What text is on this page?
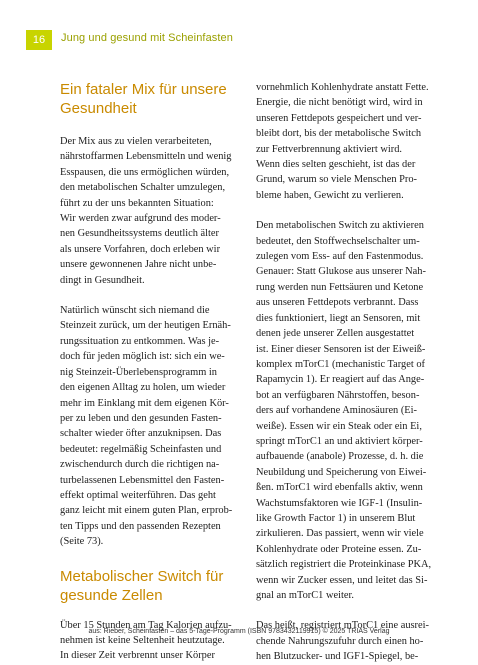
16	Jung und gesund mit Scheinfasten
Ein fataler Mix für unsere
Gesundheit

Der Mix aus zu vielen verarbeiteten,
nährstoffarmen Lebensmitteln und wenig
Esspausen, die uns ermöglichen würden,
den metabolischen Schalter umzulegen,
führt zu der uns bekannten Situation:
Wir werden zwar aufgrund des moder-
nen Gesundheitssystems deutlich älter
als unsere Vorfahren, doch erleben wir
unsere gewonnenen Jahre nicht unbe-
dingt in Gesundheit.

Natürlich wünscht sich niemand die
Steinzeit zurück, um der heutigen Ernäh-
rungssituation zu entkommen. Was je-
doch für jeden möglich ist: sich ein we-
nig Steinzeit-Überlebensprogramm in
den eigenen Alltag zu holen, um wieder
mehr im Einklang mit dem eigenen Kör-
per zu leben und den gesunden Fasten-
schalter wieder öfter anzuknipsen. Das
bedeutet: regelmäßig Scheinfasten und
zwischendurch durch die richtigen na-
turbelassenen Lebensmittel den Fasten-
effekt optimal weiterführen. Das geht
ganz leicht mit einem guten Plan, erprob-
ten Tipps und den passenden Rezepten
(Seite 73).

Metabolischer Switch für
gesunde Zellen

Über 15 Stunden am Tag Kalorien aufzu-
nehmen ist keine Seltenheit heutzutage.
In dieser Zeit verbrennt unser Körper

vornehmlich Kohlenhydrate anstatt Fette.
Energie, die nicht benötigt wird, wird in
unseren Fettdepots gespeichert und ver-
bleibt dort, bis der metabolische Switch
zur Fettverbrennung aktiviert wird.
Wenn dies selten geschieht, ist das der
Grund, warum so viele Menschen Pro-
bleme haben, Gewicht zu verlieren.

Den metabolischen Switch zu aktivieren
bedeutet, den Stoffwechselschalter um-
zulegen vom Ess- auf den Fastenmodus.
Genauer: Statt Glukose aus unserer Nah-
rung werden nun Fettsäuren und Ketone
aus unseren Fettdepots verbrannt. Dass
dies funktioniert, liegt an Sensoren, mit
denen jede unserer Zellen ausgestattet
ist. Einer dieser Sensoren ist der Eiweiß-
komplex mTorC1 (mechanistic Target of
Rapamycin 1). Er reagiert auf das Ange-
bot an verfügbaren Nährstoffen, beson-
ders auf vorhandene Aminosäuren (Ei-
weiße). Essen wir ein Steak oder ein Ei,
springt mTorC1 an und aktiviert körper-
aufbauende (anabole) Prozesse, d. h. die
Neubildung und Speicherung von Eiwei-
ßen. mTorC1 wird ebenfalls aktiv, wenn
Wachstumsfaktoren wie IGF-1 (Insulin-
like Growth Factor 1) in unserem Blut
zirkulieren. Das passiert, wenn wir viele
Kohlenhydrate oder Proteine essen. Zu-
sätzlich registriert die Proteinkinase PKA,
wenn wir Zucker essen, und leitet das Si-
gnal an mTorC1 weiter.

Das heißt, registriert mTorC1 eine ausrei-
chende Nahrungszufuhr durch einen ho-
hen Blutzucker- und IGF1-Spiegel, be-

aus: Rieber, Scheinfasten – das 5-Tage-Programm (ISBN 9783432119915) © 2025 TRIAS Verlag
